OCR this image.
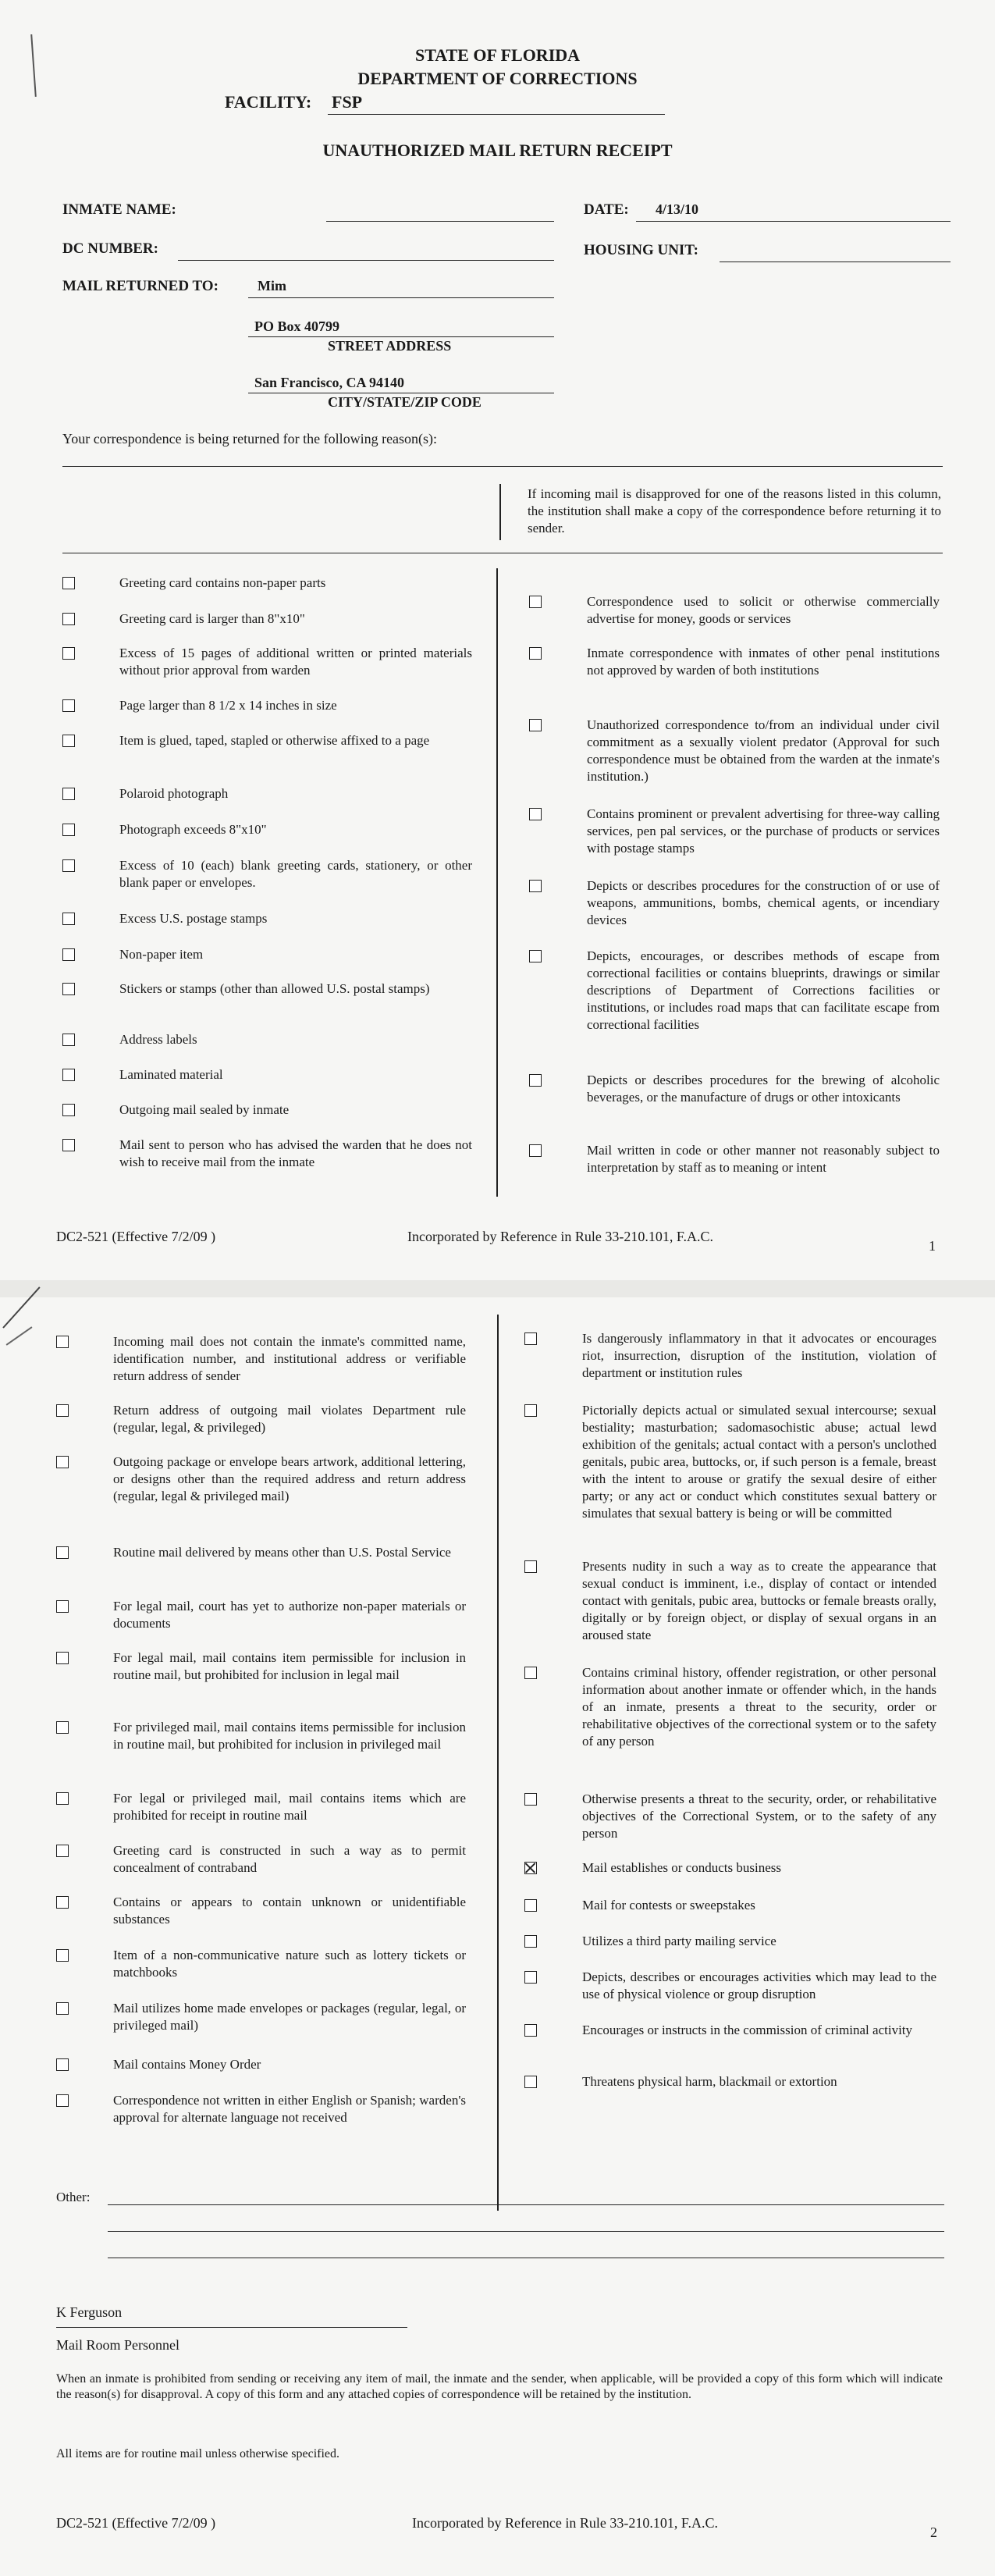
STATE OF FLORIDA
DEPARTMENT OF CORRECTIONS
FACILITY: FSP
UNAUTHORIZED MAIL RETURN RECEIPT
INMATE NAME:	DATE: 4/13/10
DC NUMBER:	HOUSING UNIT:
MAIL RETURNED TO:	Mim
PO Box 40799
STREET ADDRESS
San Francisco, CA 94140
CITY/STATE/ZIP CODE
Your correspondence is being returned for the following reason(s):
If incoming mail is disapproved for one of the reasons listed in this column, the institution shall make a copy of the correspondence before returning it to sender.
Greeting card contains non-paper parts
Greeting card is larger than 8"x10"
Excess of 15 pages of additional written or printed materials without prior approval from warden
Page larger than 8 1/2 x 14 inches in size
Item is glued, taped, stapled or otherwise affixed to a page
Polaroid photograph
Photograph exceeds 8"x10"
Excess of 10 (each) blank greeting cards, stationery, or other blank paper or envelopes.
Excess U.S. postage stamps
Non-paper item
Stickers or stamps (other than allowed U.S. postal stamps)
Address labels
Laminated material
Outgoing mail sealed by inmate
Mail sent to person who has advised the warden that he does not wish to receive mail from the inmate
Correspondence used to solicit or otherwise commercially advertise for money, goods or services
Inmate correspondence with inmates of other penal institutions not approved by warden of both institutions
Unauthorized correspondence to/from an individual under civil commitment as a sexually violent predator (Approval for such correspondence must be obtained from the warden at the inmate's institution.)
Contains prominent or prevalent advertising for three-way calling services, pen pal services, or the purchase of products or services with postage stamps
Depicts or describes procedures for the construction of or use of weapons, ammunitions, bombs, chemical agents, or incendiary devices
Depicts, encourages, or describes methods of escape from correctional facilities or contains blueprints, drawings or similar descriptions of Department of Corrections facilities or institutions, or includes road maps that can facilitate escape from correctional facilities
Depicts or describes procedures for the brewing of alcoholic beverages, or the manufacture of drugs or other intoxicants
Mail written in code or other manner not reasonably subject to interpretation by staff as to meaning or intent
DC2-521 (Effective 7/2/09 )	Incorporated by Reference in Rule 33-210.101, F.A.C.
1
Incoming mail does not contain the inmate's committed name, identification number, and institutional address or verifiable return address of sender
Return address of outgoing mail violates Department rule (regular, legal, & privileged)
Outgoing package or envelope bears artwork, additional lettering, or designs other than the required address and return address (regular, legal & privileged mail)
Routine mail delivered by means other than U.S. Postal Service
For legal mail, court has yet to authorize non-paper materials or documents
For legal mail, mail contains item permissible for inclusion in routine mail, but prohibited for inclusion in legal mail
For privileged mail, mail contains items permissible for inclusion in routine mail, but prohibited for inclusion in privileged mail
For legal or privileged mail, mail contains items which are prohibited for receipt in routine mail
Greeting card is constructed in such a way as to permit concealment of contraband
Contains or appears to contain unknown or unidentifiable substances
Item of a non-communicative nature such as lottery tickets or matchbooks
Mail utilizes home made envelopes or packages (regular, legal, or privileged mail)
Mail contains Money Order
Correspondence not written in either English or Spanish; warden's approval for alternate language not received
Is dangerously inflammatory in that it advocates or encourages riot, insurrection, disruption of the institution, violation of department or institution rules
Pictorially depicts actual or simulated sexual intercourse; sexual bestiality; masturbation; sadomasochistic abuse; actual lewd exhibition of the genitals; actual contact with a person's unclothed genitals, pubic area, buttocks, or, if such person is a female, breast with the intent to arouse or gratify the sexual desire of either party; or any act or conduct which constitutes sexual battery or simulates that sexual battery is being or will be committed
Presents nudity in such a way as to create the appearance that sexual conduct is imminent, i.e., display of contact or intended contact with genitals, pubic area, buttocks or female breasts orally, digitally or by foreign object, or display of sexual organs in an aroused state
Contains criminal history, offender registration, or other personal information about another inmate or offender which, in the hands of an inmate, presents a threat to the security, order or rehabilitative objectives of the correctional system or to the safety of any person
Otherwise presents a threat to the security, order, or rehabilitative objectives of the Correctional System, or to the safety of any person
Mail establishes or conducts business
Mail for contests or sweepstakes
Utilizes a third party mailing service
Depicts, describes or encourages activities which may lead to the use of physical violence or group disruption
Encourages or instructs in the commission of criminal activity
Threatens physical harm, blackmail or extortion
Other:
K Ferguson
Mail Room Personnel
When an inmate is prohibited from sending or receiving any item of mail, the inmate and the sender, when applicable, will be provided a copy of this form which will indicate the reason(s) for disapproval. A copy of this form and any attached copies of correspondence will be retained by the institution.
All items are for routine mail unless otherwise specified.
DC2-521 (Effective 7/2/09 )	Incorporated by Reference in Rule 33-210.101, F.A.C.
2
